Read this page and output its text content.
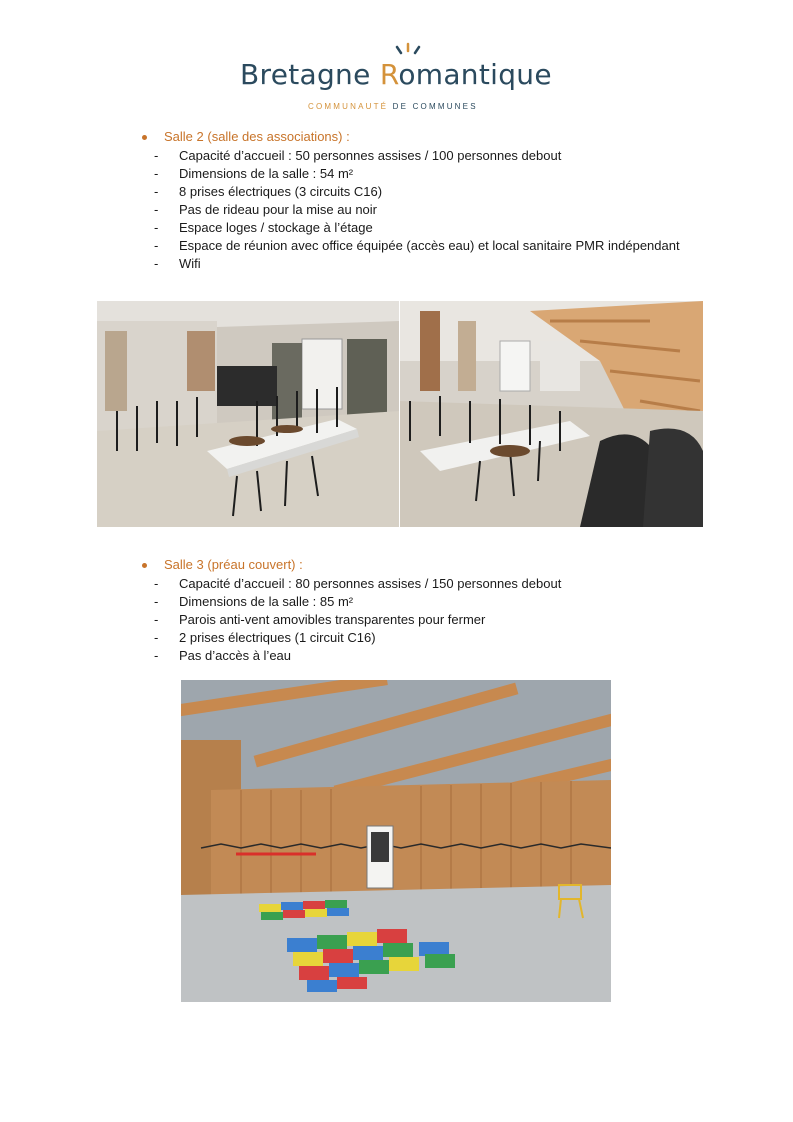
Bretagne Romantique
COMMUNAUTÉ DE COMMUNES
Salle 2 (salle des associations) :
- Capacité d’accueil : 50 personnes assises / 100 personnes debout
- Dimensions de la salle : 54 m²
- 8 prises électriques (3 circuits C16)
- Pas de rideau pour la mise au noir
- Espace loges / stockage à l’étage
- Espace de réunion avec office équipée (accès eau) et local sanitaire PMR indépendant
- Wifi
Salle 3 (préau couvert) :
- Capacité d’accueil : 80 personnes assises / 150 personnes debout
- Dimensions de la salle : 85 m²
- Parois anti-vent amovibles transparentes pour fermer
- 2 prises électriques (1 circuit C16)
- Pas d’accès à l’eau
